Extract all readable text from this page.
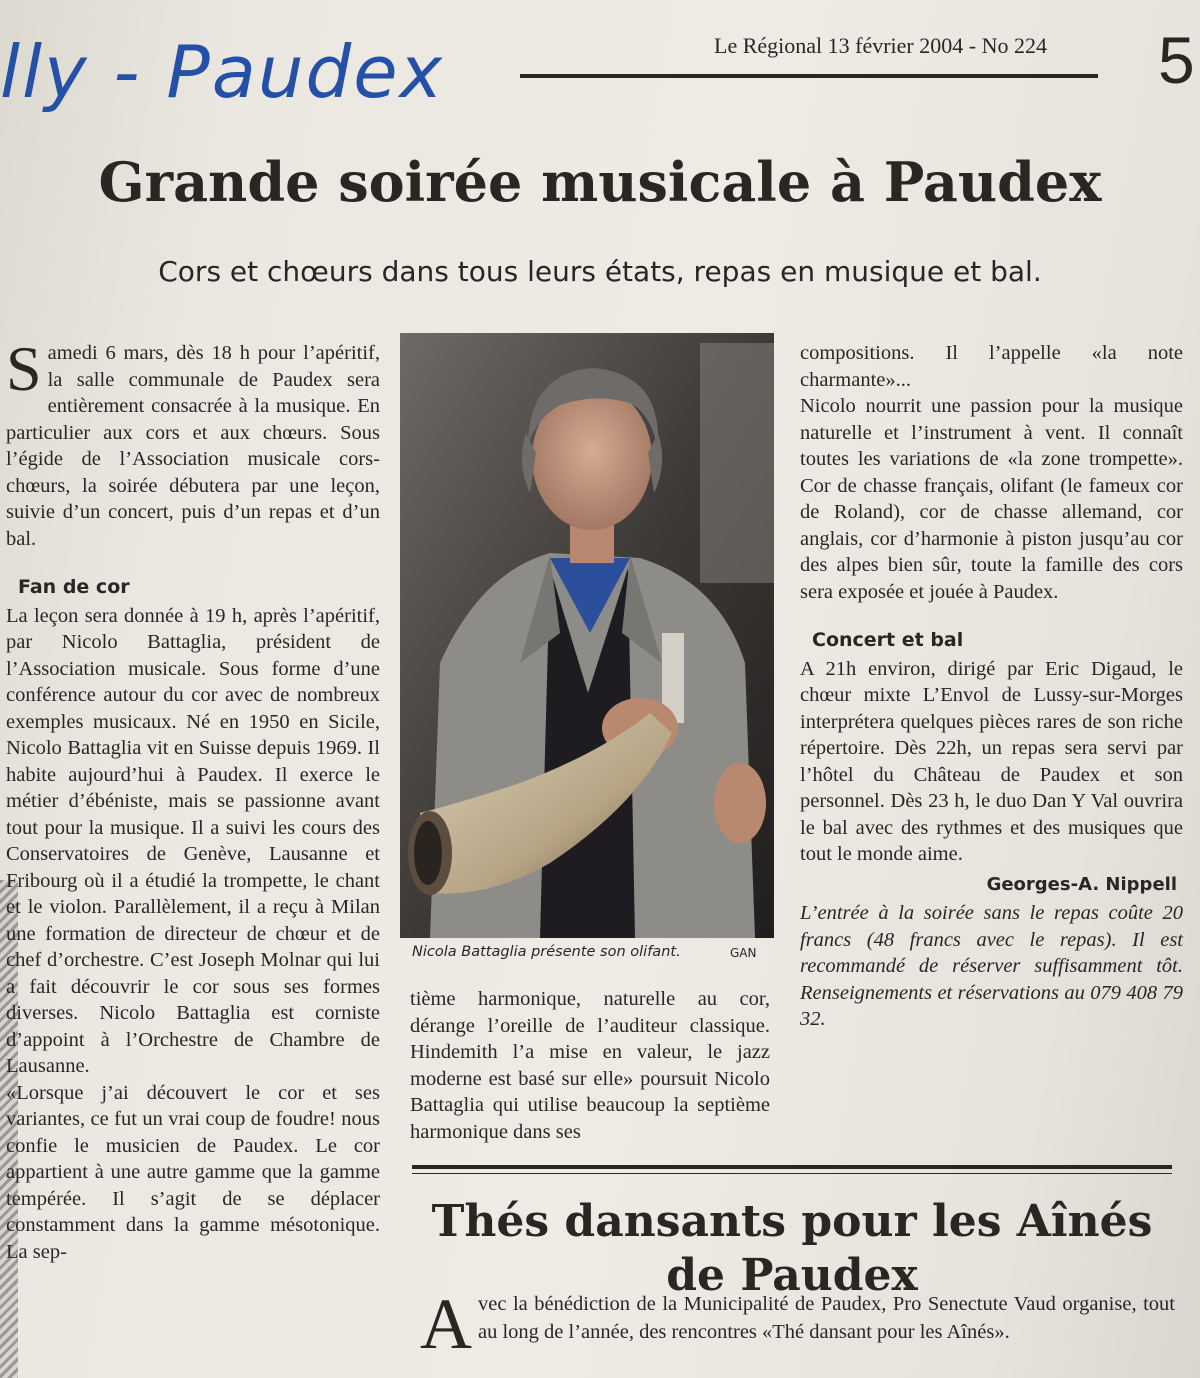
lly - Paudex	Le Régional 13 février 2004 - No 224 5
Grande soirée musicale à Paudex

Cors et chœurs dans tous leurs états, repas en musique et bal.

Samedi 6 mars, dès 18 h pour l’apéritif, la salle communale de Paudex sera entièrement consacrée à la musique. En particulier aux cors et aux chœurs. Sous l’égide de l’Association musicale cors-chœurs, la soirée débutera par une leçon, suivie d’un concert, puis d’un repas et d’un bal.

Fan de cor

La leçon sera donnée à 19 h, après l’apéritif, par Nicolo Battaglia, président de l’Association musicale. Sous forme d’une conférence autour du cor avec de nombreux exemples musicaux. Né en 1950 en Sicile, Nicolo Battaglia vit en Suisse depuis 1969. Il habite aujourd’hui à Paudex. Il exerce le métier d’ébéniste, mais se passionne avant tout pour la musique. Il a suivi les cours des Conservatoires de Genève, Lausanne et Fribourg où il a étudié la trompette, le chant et le violon. Parallèlement, il a reçu à Milan une formation de directeur de chœur et de chef d’orchestre. C’est Joseph Molnar qui lui a fait découvrir le cor sous ses formes diverses. Nicolo Battaglia est corniste d’appoint à l’Orchestre de Chambre de Lausanne.

«Lorsque j’ai découvert le cor et ses variantes, ce fut un vrai coup de foudre! nous confie le musicien de Paudex. Le cor appartient à une autre gamme que la gamme tempérée. Il s’agit de se déplacer constamment dans la gamme mésotonique. La sep-

Nicola Battaglia présente son olifant.	GAN

tième harmonique, naturelle au cor, dérange l’oreille de l’auditeur classique. Hindemith l’a mise en valeur, le jazz moderne est basé sur elle» poursuit Nicolo Battaglia qui utilise beaucoup la septième harmonique dans ses

compositions. Il l’appelle «la note charmante»...

Nicolo nourrit une passion pour la musique naturelle et l’instrument à vent. Il connaît toutes les variations de «la zone trompette». Cor de chasse français, olifant (le fameux cor de Roland), cor de chasse allemand, cor anglais, cor d’harmonie à piston jusqu’au cor des alpes bien sûr, toute la famille des cors sera exposée et jouée à Paudex.

Concert et bal

A 21h environ, dirigé par Eric Digaud, le chœur mixte L’Envol de Lussy-sur-Morges interprétera quelques pièces rares de son riche répertoire. Dès 22h, un repas sera servi par l’hôtel du Château de Paudex et son personnel. Dès 23 h, le duo Dan Y Val ouvrira le bal avec des rythmes et des musiques que tout le monde aime.

Georges-A. Nippell

L’entrée à la soirée sans le repas coûte 20 francs (48 francs avec le repas). Il est recommandé de réserver suffisamment tôt. Renseignements et réservations au 079 408 79 32.

Thés dansants pour les Aînés de Paudex

Avec la bénédiction de la Municipalité de Paudex, Pro Senectute Vaud organise, tout au long de l’année, des rencontres «Thé dansant pour les Aînés».
